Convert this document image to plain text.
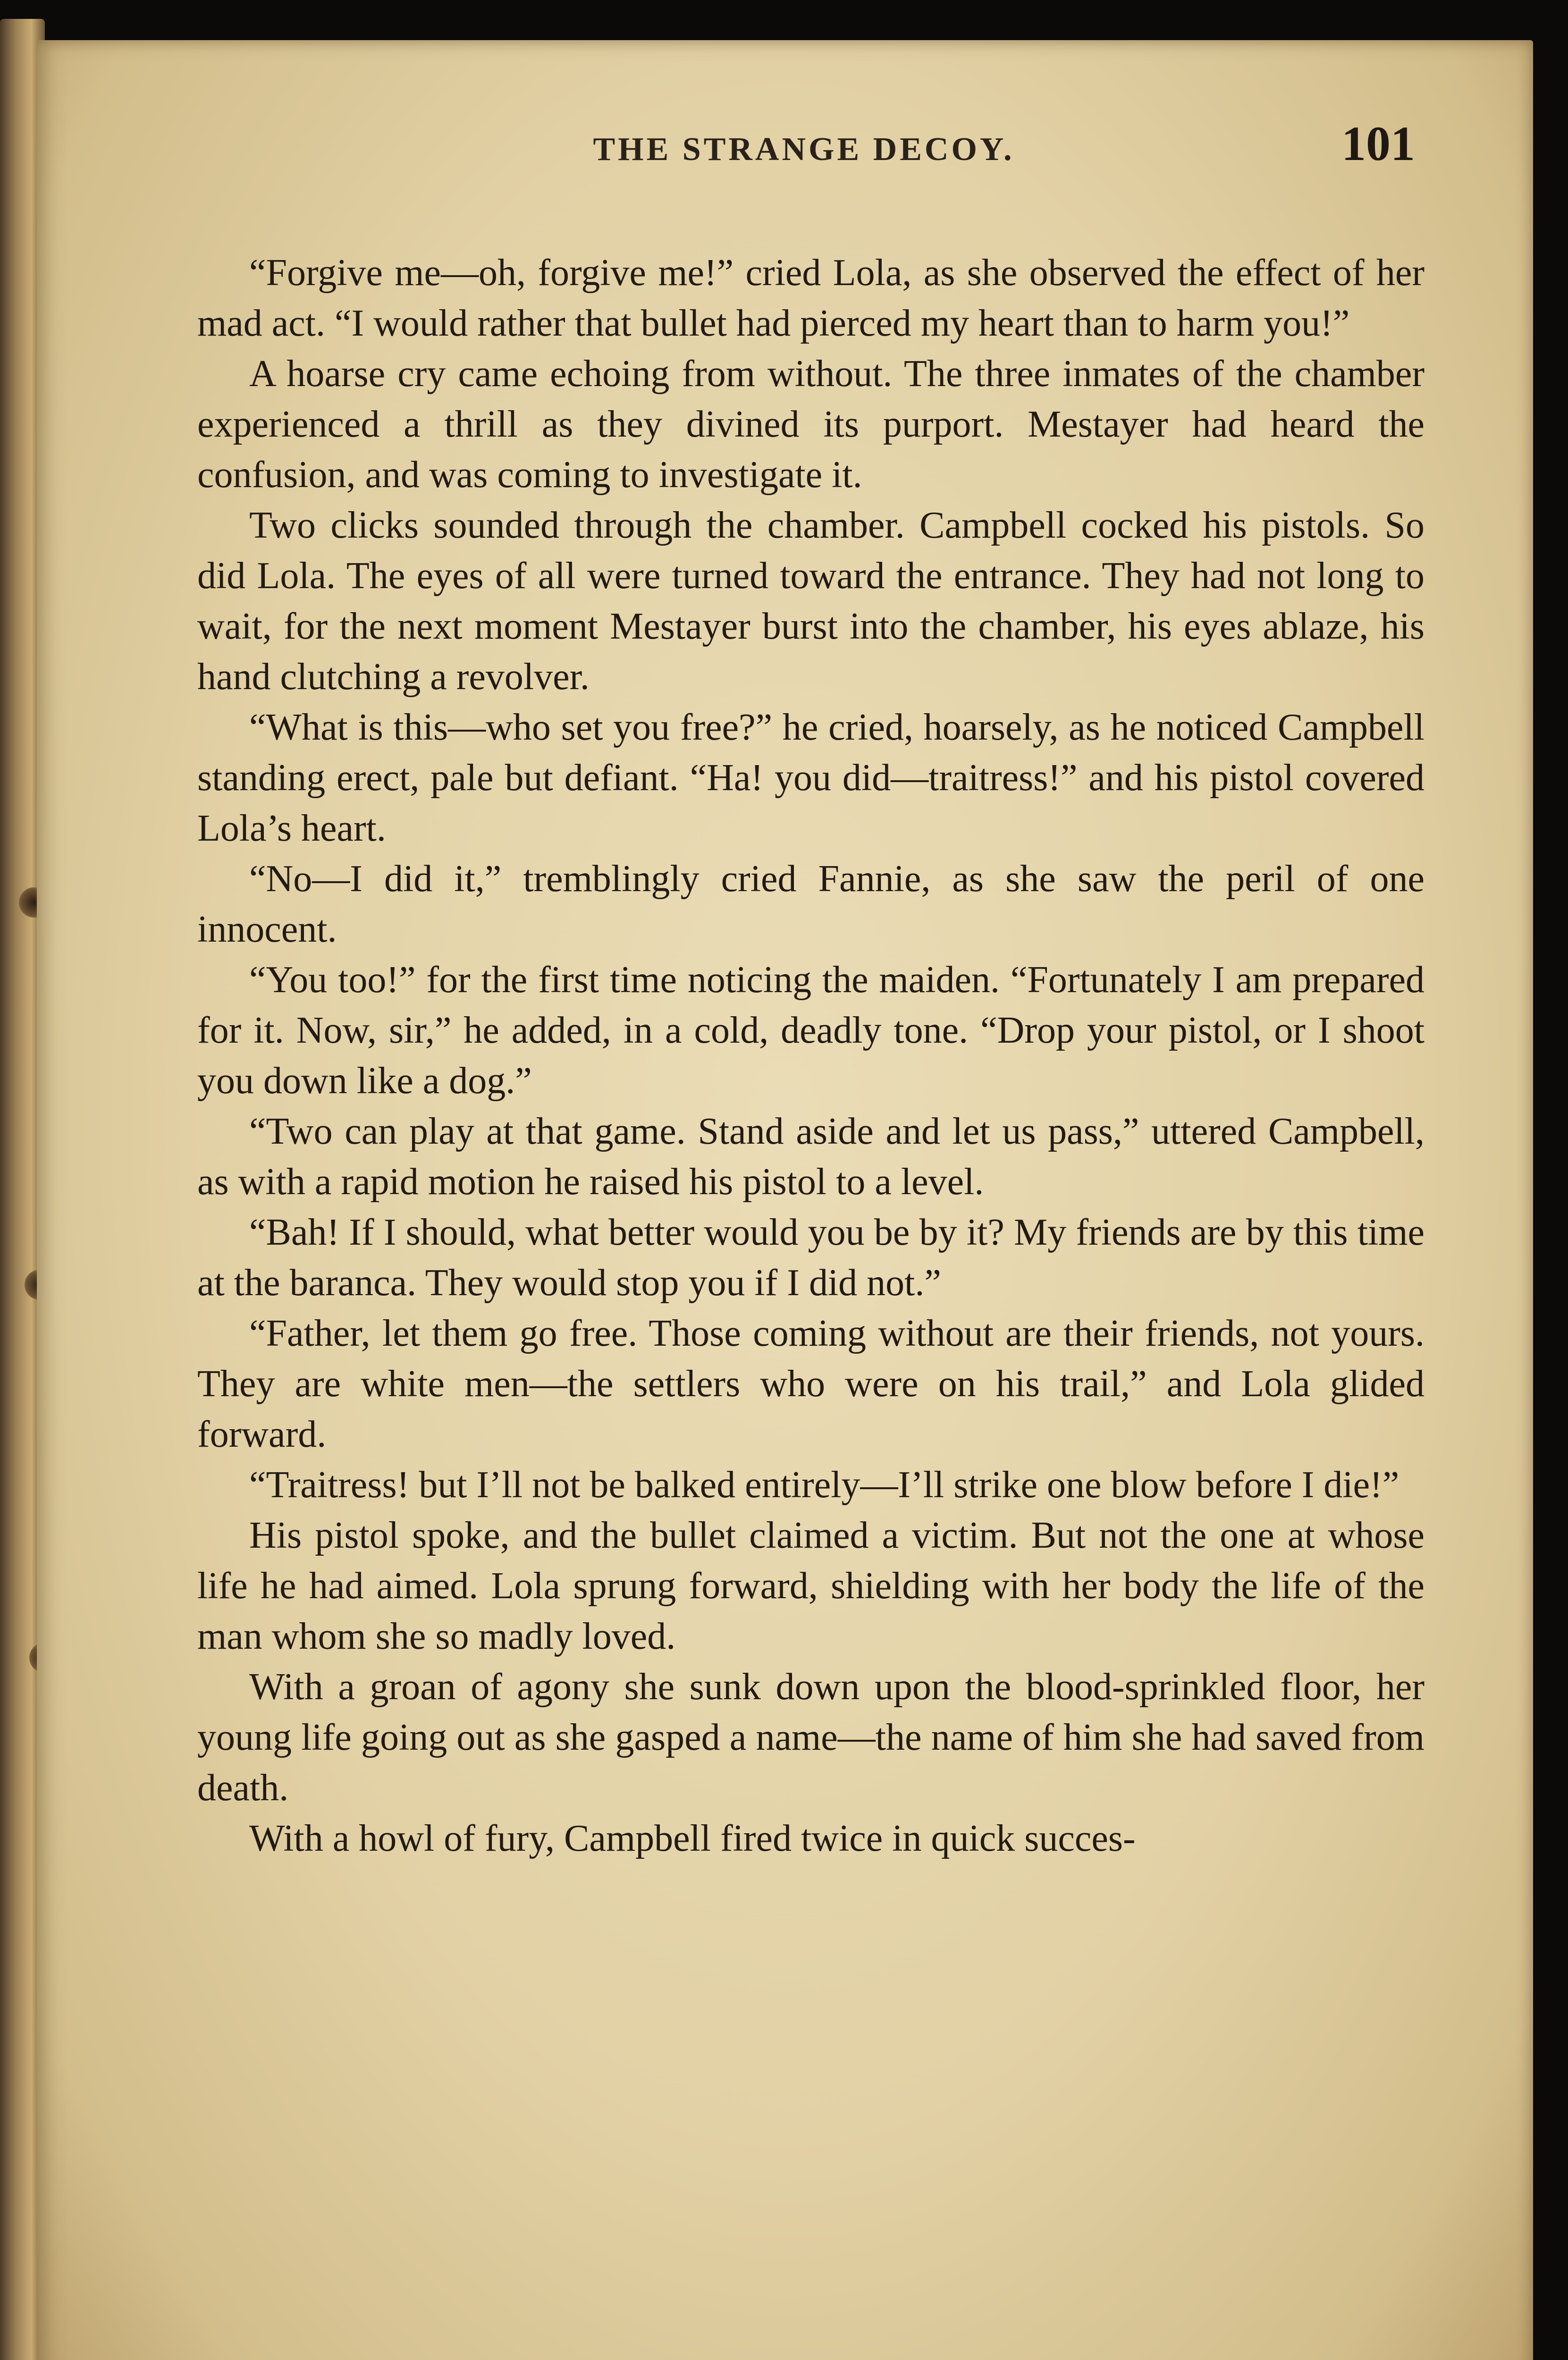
THE STRANGE DECOY.	101

“Forgive me—oh, forgive me!” cried Lola, as she observed the effect of her mad act. “I would rather that bullet had pierced my heart than to harm you!”

A hoarse cry came echoing from without. The three inmates of the chamber experienced a thrill as they divined its purport. Mestayer had heard the confusion, and was coming to investigate it.

Two clicks sounded through the chamber. Campbell cocked his pistols. So did Lola. The eyes of all were turned toward the entrance. They had not long to wait, for the next moment Mestayer burst into the chamber, his eyes ablaze, his hand clutching a revolver.

“What is this—who set you free?” he cried, hoarsely, as he noticed Campbell standing erect, pale but defiant. “Ha! you did—traitress!” and his pistol covered Lola’s heart.

“No—I did it,” tremblingly cried Fannie, as she saw the peril of one innocent.

“You too!” for the first time noticing the maiden. “Fortunately I am prepared for it. Now, sir,” he added, in a cold, deadly tone. “Drop your pistol, or I shoot you down like a dog.”

“Two can play at that game. Stand aside and let us pass,” uttered Campbell, as with a rapid motion he raised his pistol to a level.

“Bah! If I should, what better would you be by it? My friends are by this time at the baranca. They would stop you if I did not.”

“Father, let them go free. Those coming without are their friends, not yours. They are white men—the settlers who were on his trail,” and Lola glided forward.

“Traitress! but I’ll not be balked entirely—I’ll strike one blow before I die!”

His pistol spoke, and the bullet claimed a victim. But not the one at whose life he had aimed. Lola sprung forward, shielding with her body the life of the man whom she so madly loved.

With a groan of agony she sunk down upon the blood-sprinkled floor, her young life going out as she gasped a name—the name of him she had saved from death.

With a howl of fury, Campbell fired twice in quick succes-
